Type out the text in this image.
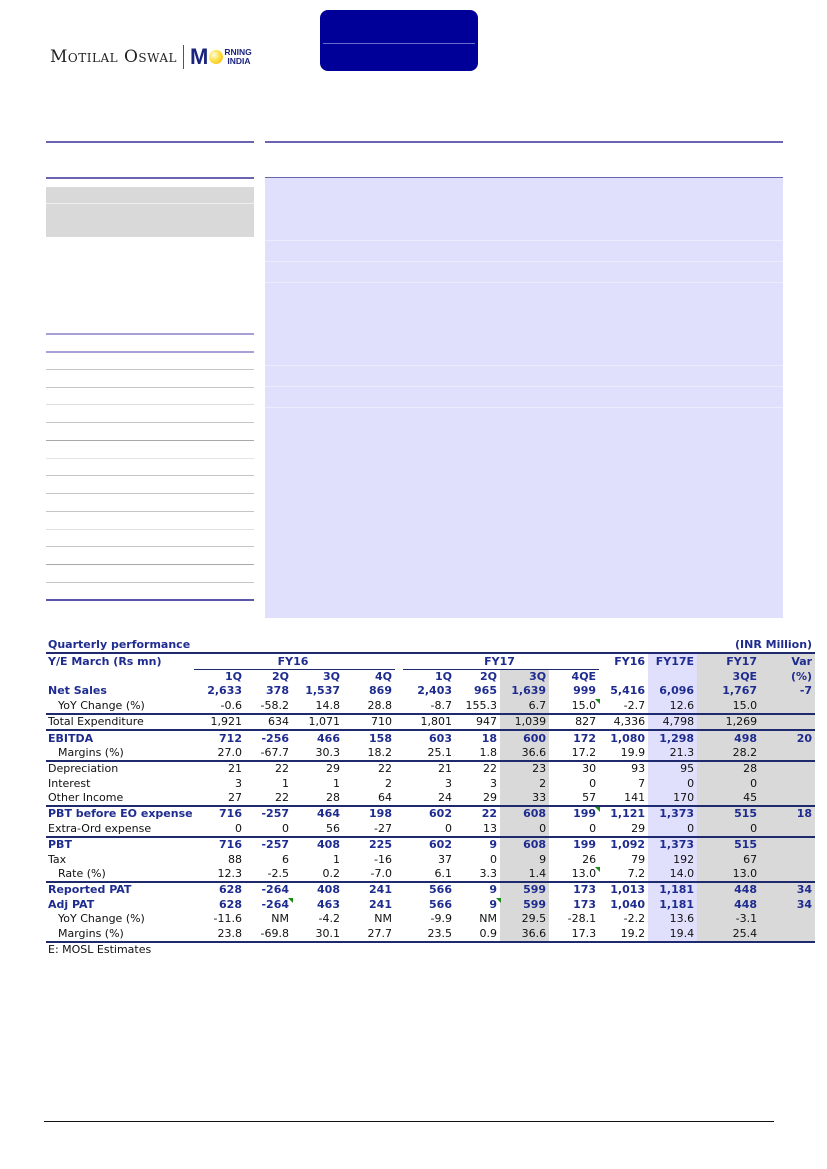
Motilal Oswal M RNING
INDIA
Quarterly performance									(INR Million)				
Y/E March (Rs mn)	FY16					FY17				FY16	FY17E	FY17	Var
	1Q	2Q	3Q	4Q		1Q	2Q	3Q	4QE			3QE	(%)
Net Sales	2,633	378	1,537	869		2,403	965	1,639	999	5,416	6,096	1,767	-7
YoY Change (%)	-0.6	-58.2	14.8	28.8		-8.7	155.3	6.7	15.0	-2.7	12.6	15.0	
Total Expenditure	1,921	634	1,071	710		1,801	947	1,039	827	4,336	4,798	1,269	
EBITDA	712	-256	466	158		603	18	600	172	1,080	1,298	498	20
Margins (%)	27.0	-67.7	30.3	18.2		25.1	1.8	36.6	17.2	19.9	21.3	28.2	
Depreciation	21	22	29	22		21	22	23	30	93	95	28	
Interest	3	1	1	2		3	3	2	0	7	0	0	
Other Income	27	22	28	64		24	29	33	57	141	170	45	
PBT before EO expense	716	-257	464	198		602	22	608	199	1,121	1,373	515	18
Extra-Ord expense	0	0	56	-27		0	13	0	0	29	0	0	
PBT	716	-257	408	225		602	9	608	199	1,092	1,373	515	
Tax	88	6	1	-16		37	0	9	26	79	192	67	
Rate (%)	12.3	-2.5	0.2	-7.0		6.1	3.3	1.4	13.0	7.2	14.0	13.0	
Reported PAT	628	-264	408	241		566	9	599	173	1,013	1,181	448	34
Adj PAT	628	-264	463	241		566	9	599	173	1,040	1,181	448	34
YoY Change (%)	-11.6	NM	-4.2	NM		-9.9	NM	29.5	-28.1	-2.2	13.6	-3.1	
Margins (%)	23.8	-69.8	30.1	27.7		23.5	0.9	36.6	17.3	19.2	19.4	25.4	
E: MOSL Estimates
